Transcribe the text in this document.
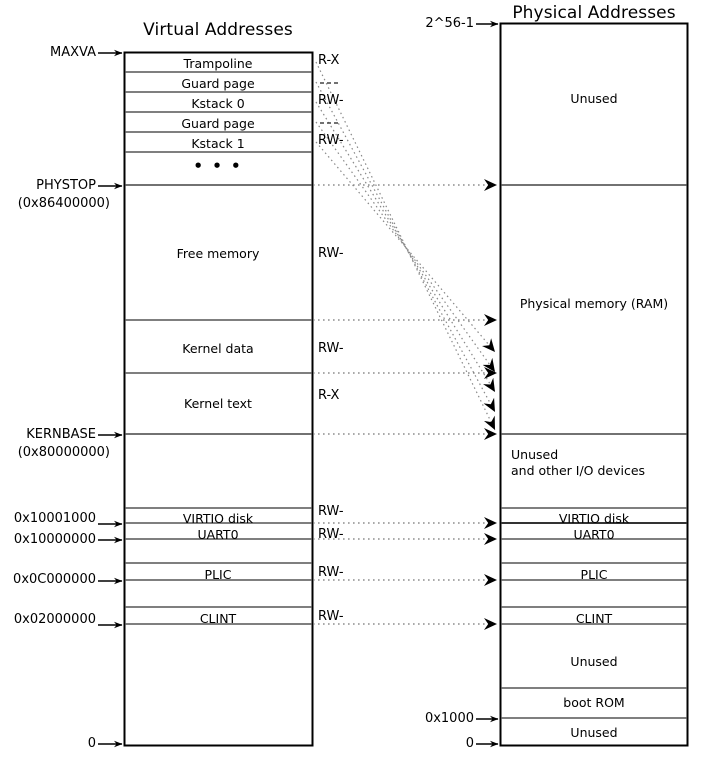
Virtual Addresses
Physical Addresses
Trampoline
Guard page
Kstack 0
Guard page
Kstack 1
• • •
Free memory
Kernel data
Kernel text
VIRTIO disk
UART0
PLIC
CLINT
MAXVA
PHYSTOP
(0x86400000)
KERNBASE
(0x80000000)
0x10001000
0x10000000
0x0C000000
0x02000000
0
R-X
RW-
RW-
RW-
RW-
R-X
RW-
RW-
RW-
RW-
Unused
Physical memory (RAM)
Unused
and other I/O devices
VIRTIO disk
UART0
PLIC
CLINT
Unused
boot ROM
Unused
2^56-1
0x1000
0
